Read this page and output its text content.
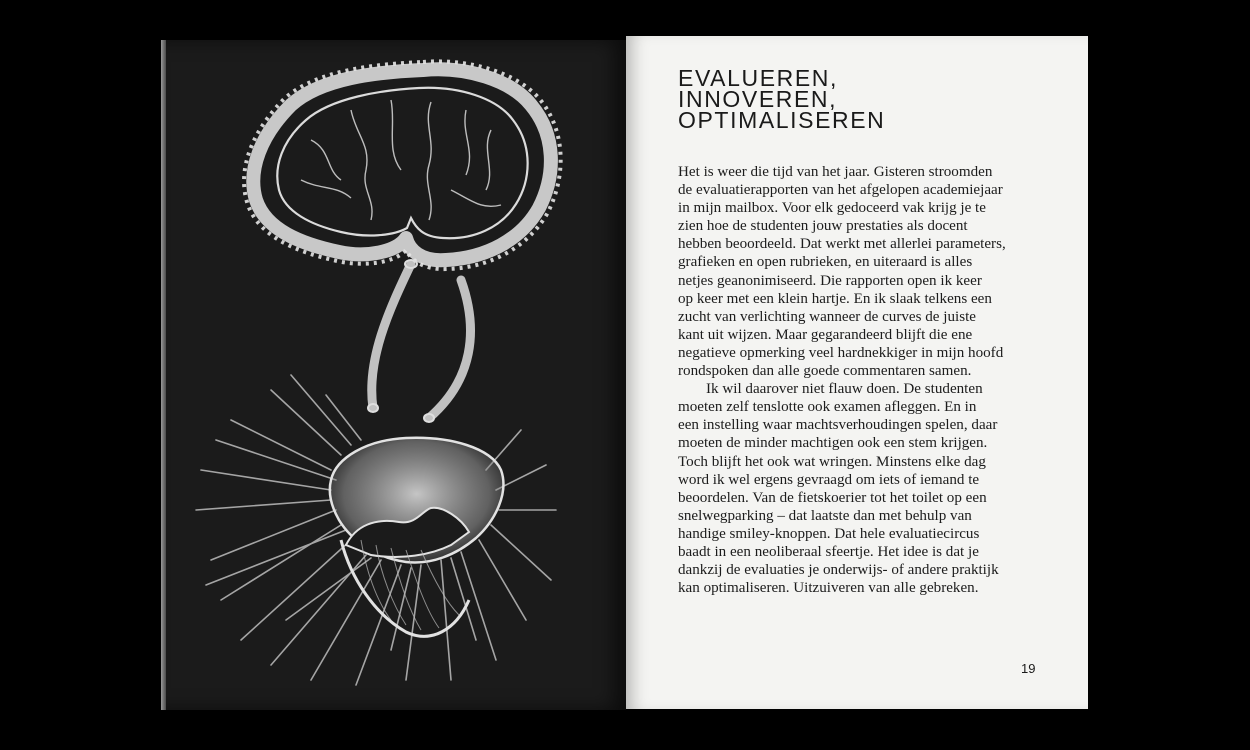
EVALUEREN,
INNOVEREN,
OPTIMALISEREN

Het is weer die tijd van het jaar. Gisteren stroomden
de evaluatierapporten van het afgelopen academiejaar
in mijn mailbox. Voor elk gedoceerd vak krijg je te
zien hoe de studenten jouw prestaties als docent
hebben beoordeeld. Dat werkt met allerlei parameters,
grafieken en open rubrieken, en uiteraard is alles
netjes geanonimiseerd. Die rapporten open ik keer
op keer met een klein hartje. En ik slaak telkens een
zucht van verlichting wanneer de curves de juiste
kant uit wijzen. Maar gegarandeerd blijft die ene
negatieve opmerking veel hardnekkiger in mijn hoofd
rondspoken dan alle goede commentaren samen.
Ik wil daarover niet flauw doen. De studenten
moeten zelf tenslotte ook examen afleggen. En in
een instelling waar machtsverhoudingen spelen, daar
moeten de minder machtigen ook een stem krijgen.
Toch blijft het ook wat wringen. Minstens elke dag
word ik wel ergens gevraagd om iets of iemand te
beoordelen. Van de fietskoerier tot het toilet op een
snelwegparking – dat laatste dan met behulp van
handige smiley-knoppen. Dat hele evaluatiecircus
baadt in een neoliberaal sfeertje. Het idee is dat je
dankzij de evaluaties je onderwijs- of andere praktijk
kan optimaliseren. Uitzuiveren van alle gebreken.

19
